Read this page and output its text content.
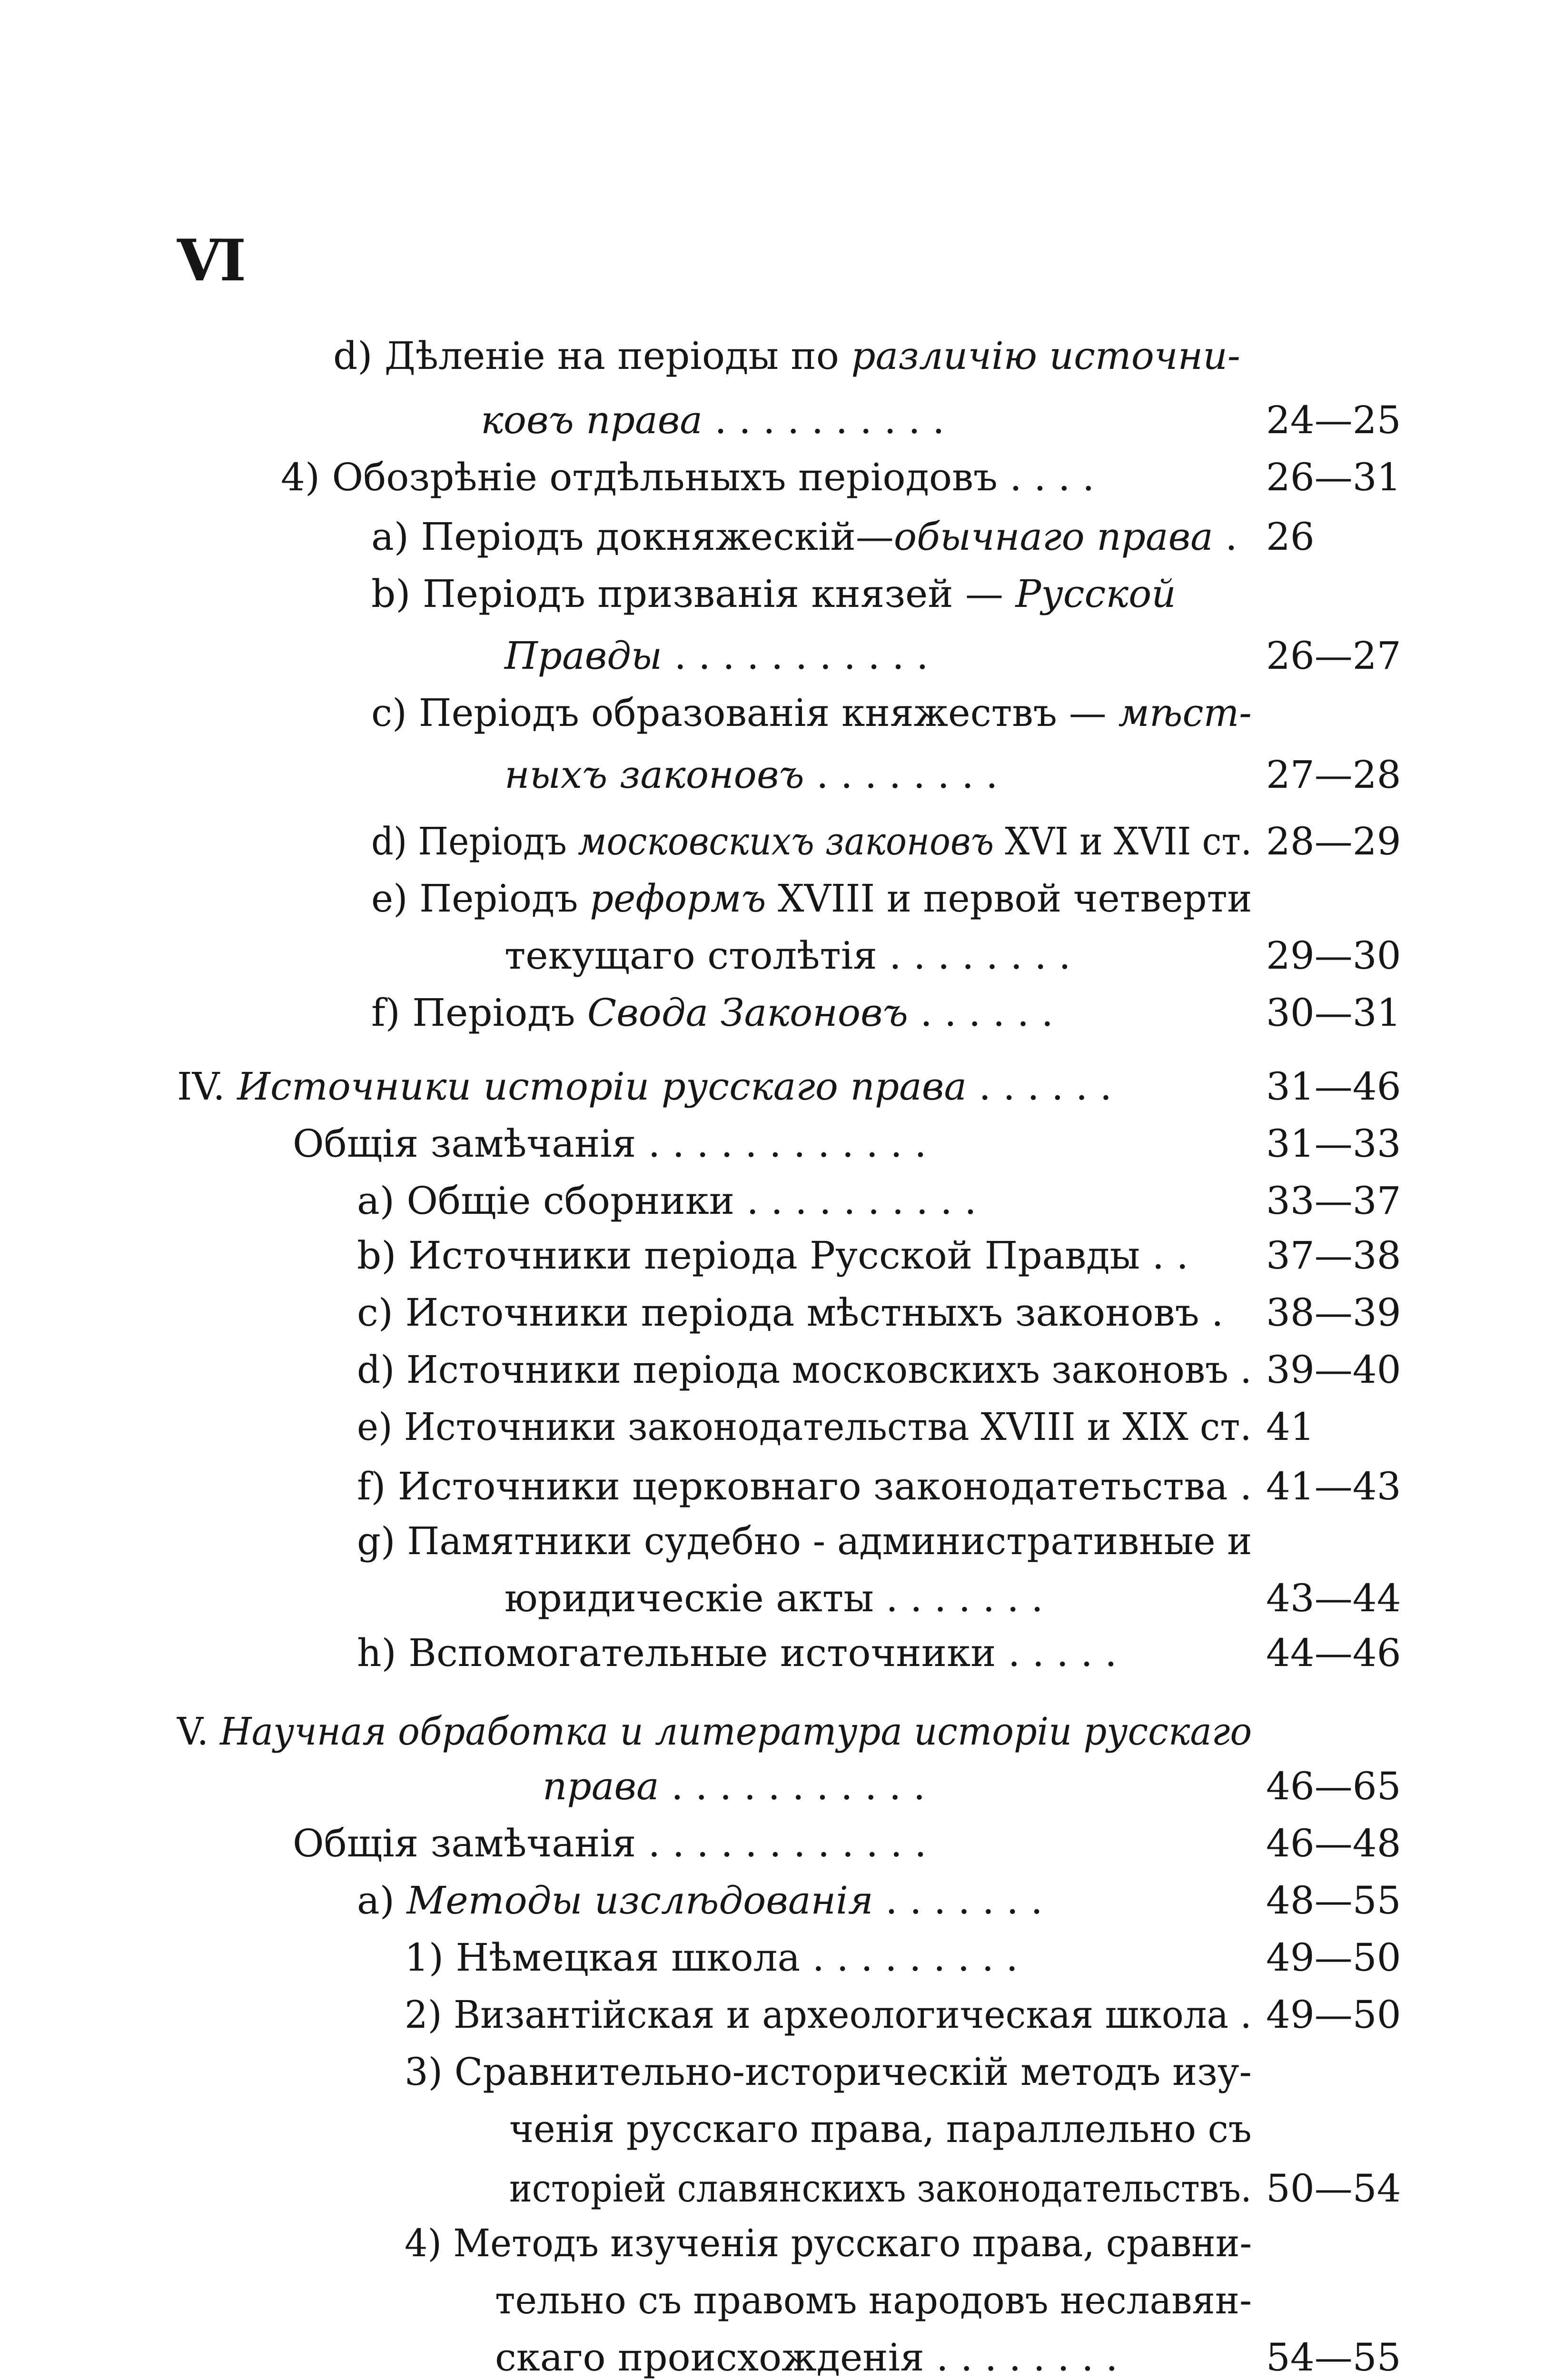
VI
d) Дѣленіе на періоды по различію источни-
ковъ права . . . . . . . . . .	24—25
4) Обозрѣніе отдѣльныхъ періодовъ . . . .	26—31
a) Періодъ докняжескій—обычнаго права . 26
b) Періодъ призванія князей — Русской
Правды . . . . . . . . . . .	26—27
c) Періодъ образованія княжествъ — мѣст-
ныхъ законовъ . . . . . . . .	27—28
d) Періодъ московскихъ законовъ XVI и XVII ст. 28—29
e) Періодъ реформъ XVIII и первой четверти
текущаго столѣтія . . . . . . . .	29—30
f) Періодъ Свода Законовъ . . . . . .	30—31
IV. Источники исторіи русскаго права . . . . . .	31—46
Общія замѣчанія . . . . . . . . . . . .	31—33
a) Общіе сборники . . . . . . . . . .	33—37
b) Источники періода Русской Правды . . 37—38
c) Источники періода мѣстныхъ законовъ . 38—39
d) Источники періода московскихъ законовъ . 39—40
e) Источники законодательства XVIII и XIX ст. 41
f) Источники церковнаго законодатетьства . 41—43
g) Памятники судебно - административные и
юридическіе акты . . . . . . .	43—44
h) Вспомогательные источники . . . . .	44—46
V. Научная обработка и литература исторіи русскаго
права . . . . . . . . . . .	46—65
Общія замѣчанія . . . . . . . . . . . .	46—48
a) Методы изслѣдованія . . . . . . .	48—55
1) Нѣмецкая школа . . . . . . . . .	49—50
2) Византійская и археологическая школа . 49—50
3) Сравнительно-историческій методъ изу-
ченія русскаго права, параллельно съ
исторіей славянскихъ законодательствъ. 50—54
4) Методъ изученія русскаго права, сравни-
тельно съ правомъ народовъ неславян-
скаго происхожденія . . . . . . . .	54—55
